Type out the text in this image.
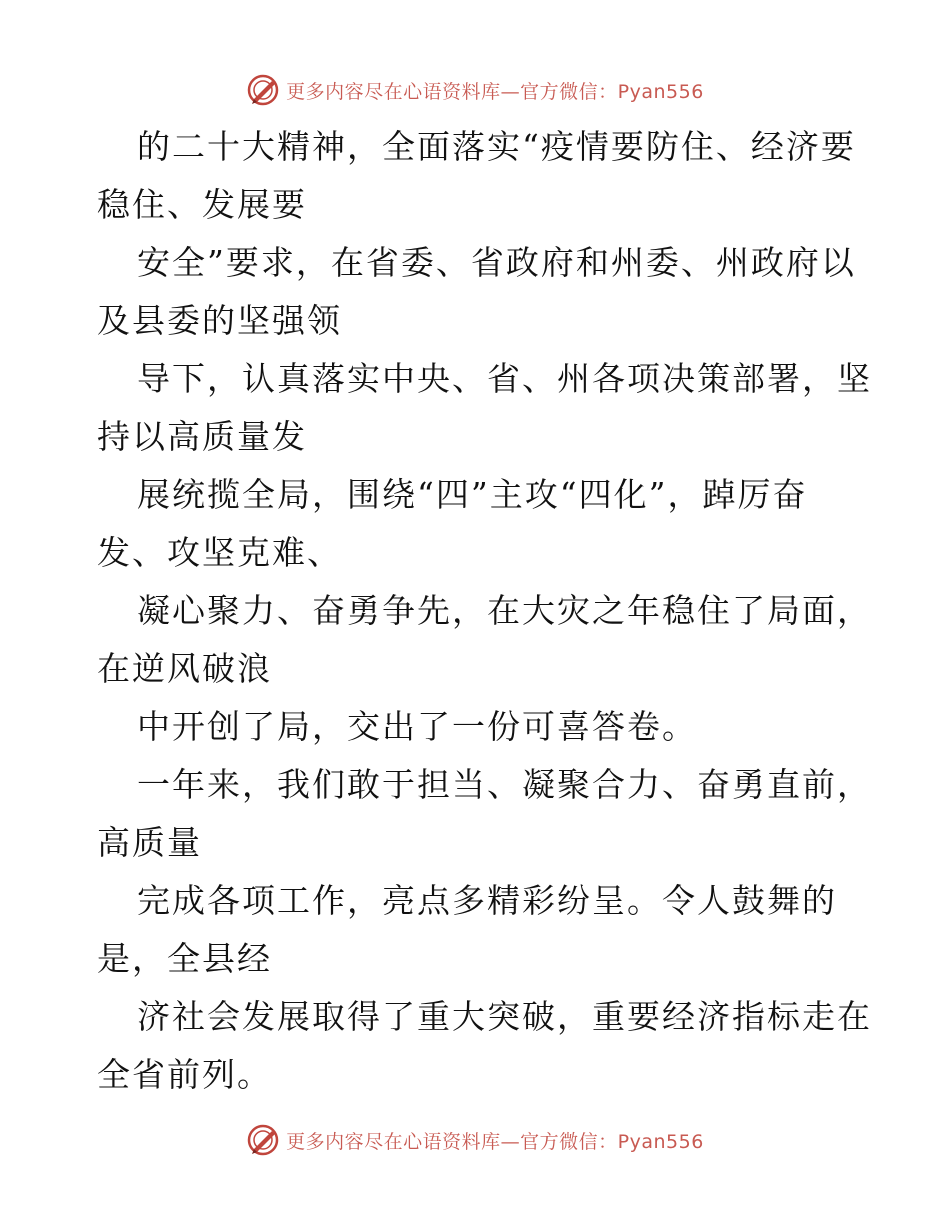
更多内容尽在心语资料库—官方微信：Pyan556

的二十大精神，全面落实“疫情要防住、经济要
稳住、发展要

安全”要求，在省委、省政府和州委、州政府以
及县委的坚强领

导下，认真落实中央、省、州各项决策部署，坚
持以高质量发

展统揽全局，围绕“四”主攻“四化”，踔厉奋
发、攻坚克难、

凝心聚力、奋勇争先，在大灾之年稳住了局面，
在逆风破浪

中开创了局，交出了一份可喜答卷。

一年来，我们敢于担当、凝聚合力、奋勇直前，
高质量

完成各项工作，亮点多精彩纷呈。令人鼓舞的
是，全县经

济社会发展取得了重大突破，重要经济指标走在
全省前列。

更多内容尽在心语资料库—官方微信：Pyan556
